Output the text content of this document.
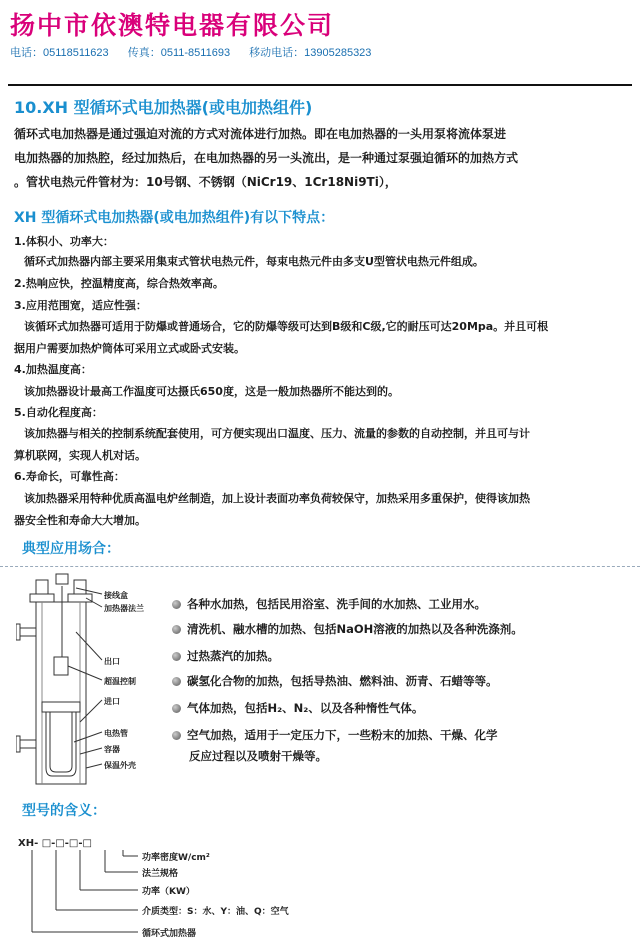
扬中市依澳特电器有限公司
电话：05118511623 传真：0511-8511693 移动电话：13905285323
10.XH 型循环式电加热器(或电加热组件)
循环式电加热器是通过强迫对流的方式对流体进行加热。即在电加热器的一头用泵将流体泵进
电加热器的加热腔，经过加热后，在电加热器的另一头流出，是一种通过泵强迫循环的加热方式
。管状电热元件管材为：10号钢、不锈钢（NiCr19、1Cr18Ni9Ti），
XH 型循环式电加热器(或电加热组件)有以下特点：
1.体积小、功率大：
循环式加热器内部主要采用集束式管状电热元件，每束电热元件由多支U型管状电热元件组成。
2.热响应快，控温精度高，综合热效率高。
3.应用范围宽，适应性强：
该循环式加热器可适用于防爆或普通场合，它的防爆等级可达到B级和C级,它的耐压可达20Mpa。并且可根
据用户需要加热炉筒体可采用立式或卧式安装。
4.加热温度高：
该加热器设计最高工作温度可达摄氏650度，这是一般加热器所不能达到的。
5.自动化程度高：
该加热器与相关的控制系统配套使用，可方便实现出口温度、压力、流量的参数的自动控制，并且可与计
算机联网，实现人机对话。
6.寿命长，可靠性高：
该加热器采用特种优质高温电炉丝制造，加上设计表面功率负荷较保守，加热采用多重保护，使得该加热
器安全性和寿命大大增加。
典型应用场合：
接线盒
加热器法兰
出口
超温控制
进口
电热管
容器
保温外壳
各种水加热，包括民用浴室、洗手间的水加热、工业用水。
清洗机、融水槽的加热、包括NaOH溶液的加热以及各种洗涤剂。
过热蒸汽的加热。
碳氢化合物的加热，包括导热油、燃料油、沥青、石蜡等等。
气体加热，包括H₂、N₂、以及各种惰性气体。
空气加热，适用于一定压力下，一些粉末的加热、干燥、化学
反应过程以及喷射干燥等。
型号的含义：
XH- □-□-□-□
功率密度W/cm²
法兰规格
功率（KW）
介质类型：S：水、Y：油、Q：空气
循环式加热器
